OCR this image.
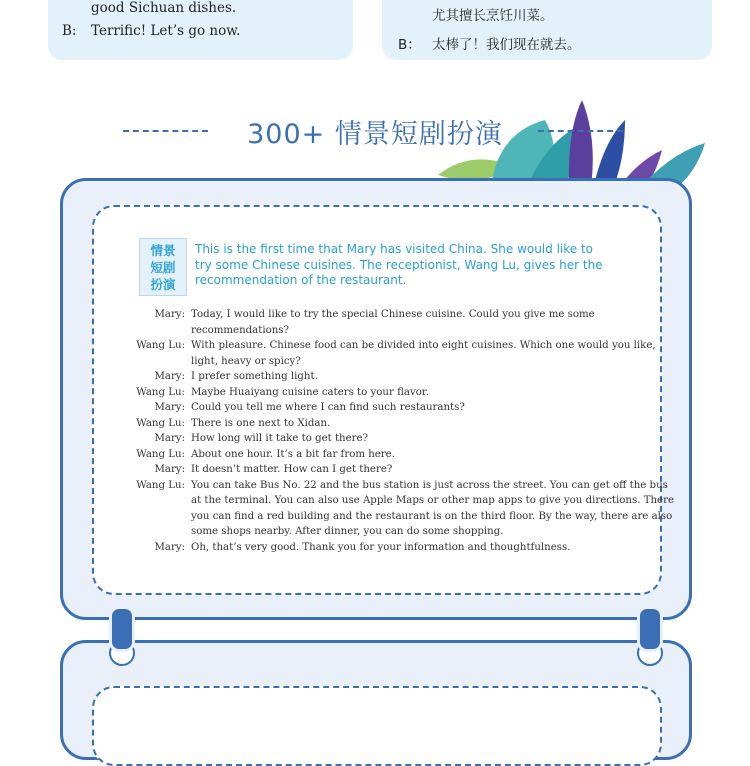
good Sichuan dishes.
B: Terrific! Let’s go now.
尤其擅长烹饪川菜。
B： 太棒了！我们现在就去。
300+ 情景短剧扮演
情景
短剧
扮演
This is the first time that Mary has visited China. She would like to
try some Chinese cuisines. The receptionist, Wang Lu, gives her the
recommendation of the restaurant.
Mary: Today, I would like to try the special Chinese cuisine. Could you give me some
recommendations?
Wang Lu: With pleasure. Chinese food can be divided into eight cuisines. Which one would you like,
light, heavy or spicy?
Mary: I prefer something light.
Wang Lu: Maybe Huaiyang cuisine caters to your flavor.
Mary: Could you tell me where I can find such restaurants?
Wang Lu: There is one next to Xidan.
Mary: How long will it take to get there?
Wang Lu: About one hour. It’s a bit far from here.
Mary: It doesn’t matter. How can I get there?
Wang Lu: You can take Bus No. 22 and the bus station is just across the street. You can get off the bus
at the terminal. You can also use Apple Maps or other map apps to give you directions. There
you can find a red building and the restaurant is on the third floor. By the way, there are also
some shops nearby. After dinner, you can do some shopping.
Mary: Oh, that’s very good. Thank you for your information and thoughtfulness.
